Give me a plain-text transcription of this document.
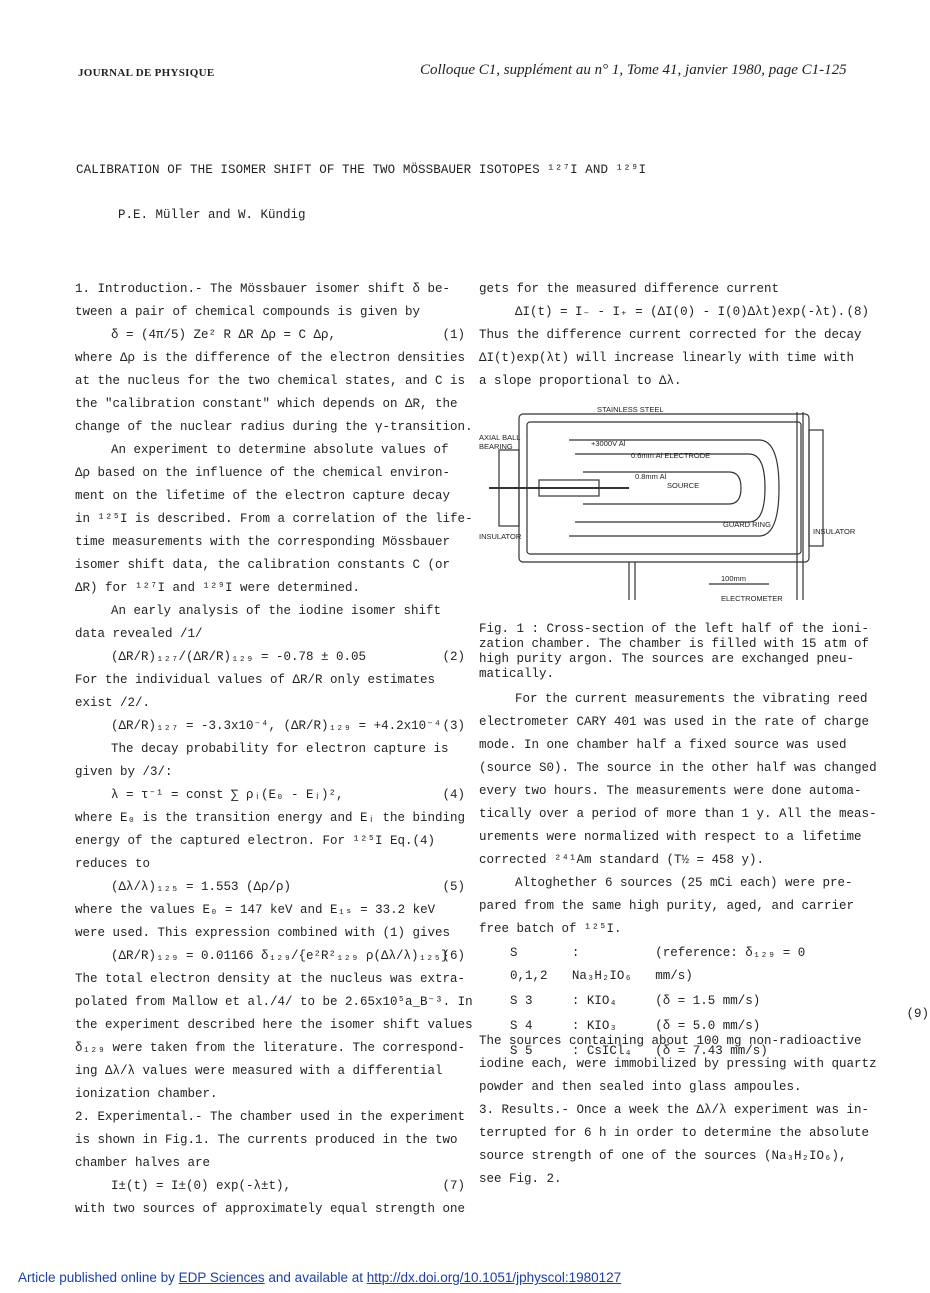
JOURNAL DE PHYSIQUE	Colloque C1, supplément au n° 1, Tome 41, janvier 1980, page C1-125
CALIBRATION OF THE ISOMER SHIFT OF THE TWO MÖSSBAUER ISOTOPES ¹²⁷I AND ¹²⁹I
P.E. Müller and W. Kündig

1. Introduction.- The Mössbauer isomer shift δ be-

tween a pair of chemical compounds is given by

δ = (4π/5) Ze² R ΔR Δρ = C Δρ,	(1)

where Δρ is the difference of the electron densities

at the nucleus for the two chemical states, and C is

the "calibration constant" which depends on ΔR, the

change of the nuclear radius during the γ-transition.

An experiment to determine absolute values of

Δρ based on the influence of the chemical environ-

ment on the lifetime of the electron capture decay

in ¹²⁵I is described. From a correlation of the life-

time measurements with the corresponding Mössbauer

isomer shift data, the calibration constants C (or

ΔR) for ¹²⁷I and ¹²⁹I were determined.

An early analysis of the iodine isomer shift

data revealed /1/

(ΔR/R)₁₂₇/(ΔR/R)₁₂₉ = -0.78 ± 0.05	(2)

For the individual values of ΔR/R only estimates

exist /2/.

(ΔR/R)₁₂₇ = -3.3x10⁻⁴, (ΔR/R)₁₂₉ = +4.2x10⁻⁴ (3)

The decay probability for electron capture is

given by /3/:

λ = τ⁻¹ = const ∑ ρᵢ(E₀ - Eᵢ)²,	(4)

where E₀ is the transition energy and Eᵢ the binding

energy of the captured electron. For ¹²⁵I Eq.(4)

reduces to

(Δλ/λ)₁₂₅ = 1.553 (Δρ/ρ)	(5)

where the values E₀ = 147 keV and E₁ₛ = 33.2 keV

were used. This expression combined with (1) gives

(ΔR/R)₁₂₉ = 0.01166 δ₁₂₉/{e²R²₁₂₉ ρ(Δλ/λ)₁₂₅}
(6)

The total electron density at the nucleus was extra-

polated from Mallow et al./4/ to be 2.65x10⁵a_B⁻³. In

the experiment described here the isomer shift values

δ₁₂₉ were taken from the literature. The correspond-

ing Δλ/λ values were measured with a differential

ionization chamber.

2. Experimental.- The chamber used in the experiment

is shown in Fig.1. The currents produced in the two

chamber halves are

I±(t) = I±(0) exp(-λ±t),	(7)

with two sources of approximately equal strength one

gets for the measured difference current

ΔI(t) = I₋ - I₊ = (ΔI(0) - I(0)Δλt)exp(-λt). (8)

Thus the difference current corrected for the decay

ΔI(t)exp(λt) will increase linearly with time with

a slope proportional to Δλ.

STAINLESS STEEL
AXIAL BALL
BEARING	+3000V Al
0.6mm Al ELECTRODE
0.8mm Al
SOURCE
GUARD RING
INSULATOR
INSULATOR
100mm
ELECTROMETER

Fig. 1 : Cross-section of the left half of the ioni-

zation chamber. The chamber is filled with 15 atm of

high purity argon. The sources are exchanged pneu-

matically.

For the current measurements the vibrating reed

electrometer CARY 401 was used in the rate of charge

mode. In one chamber half a fixed source was used

(source S0). The source in the other half was changed

every two hours. The measurements were done automa-

tically over a period of more than 1 y. All the meas-

urements were normalized with respect to a lifetime

corrected ²⁴¹Am standard (T½ = 458 y).

Altoghether 6 sources (25 mCi each) were pre-

pared from the same high purity, aged, and carrier

free batch of ¹²⁵I.

S 0,1,2	: Na₃H₂IO₆	(reference: δ₁₂₉ = 0 mm/s)	
S 3	: KIO₄	(δ = 1.5 mm/s)	(9)
S 4	: KIO₃	(δ = 5.0 mm/s)	
S 5	: CsICl₄	(δ = 7.43 mm/s)	

The sources containing about 100 mg non-radioactive

iodine each, were immobilized by pressing with quartz

powder and then sealed into glass ampoules.

3. Results.- Once a week the Δλ/λ experiment was in-

terrupted for 6 h in order to determine the absolute

source strength of one of the sources (Na₃H₂IO₆),

see Fig. 2.

Article published online by EDP Sciences and available at http://dx.doi.org/10.1051/jphyscol:1980127
